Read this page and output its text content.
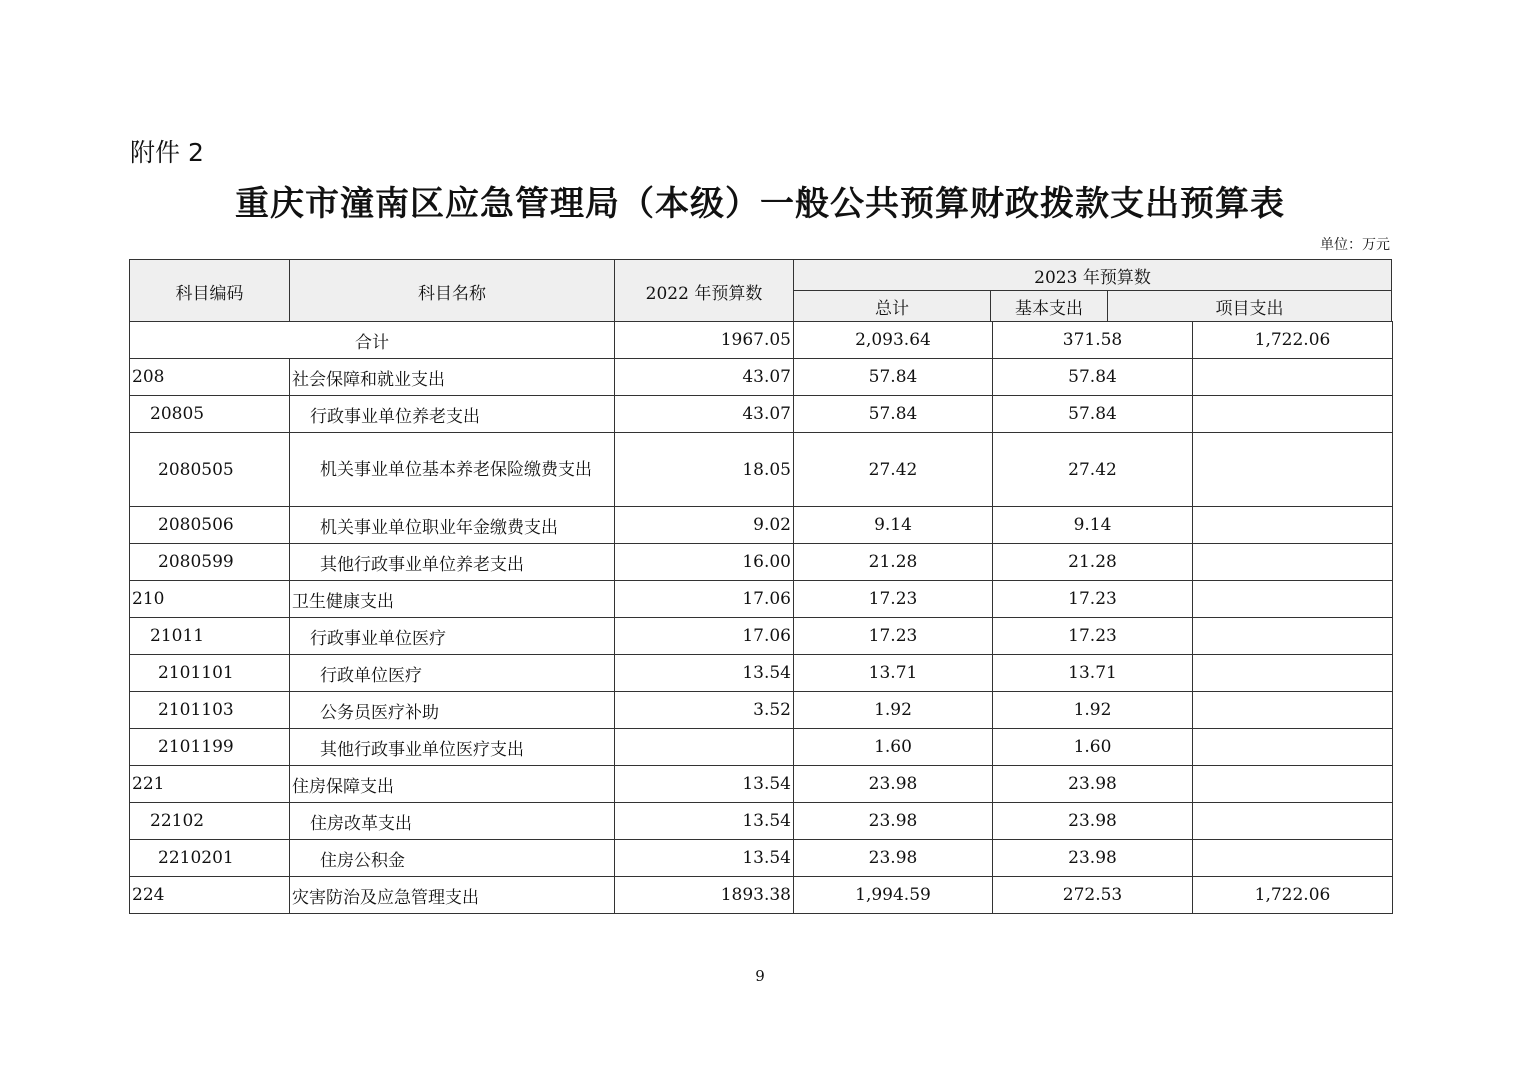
附件 2
重庆市潼南区应急管理局（本级）一般公共预算财政拨款支出预算表
单位：万元
科目编码	科目名称	2022 年预算数
2023 年预算数
总计	基本支出	项目支出
合计		1967.05	2,093.64	371.58	1,722.06
208	社会保障和就业支出	43.07	57.84	57.84	
20805	行政事业单位养老支出	43.07	57.84	57.84	
2080505	机关事业单位基本养老保险缴费支出	18.05	27.42	27.42	
2080506	机关事业单位职业年金缴费支出	9.02	9.14	9.14	
2080599	其他行政事业单位养老支出	16.00	21.28	21.28	
210	卫生健康支出	17.06	17.23	17.23	
21011	行政事业单位医疗	17.06	17.23	17.23	
2101101	行政单位医疗	13.54	13.71	13.71	
2101103	公务员医疗补助	3.52	1.92	1.92	
2101199	其他行政事业单位医疗支出		1.60	1.60	
221	住房保障支出	13.54	23.98	23.98	
22102	住房改革支出	13.54	23.98	23.98	
2210201	住房公积金	13.54	23.98	23.98	
224	灾害防治及应急管理支出	1893.38	1,994.59	272.53	1,722.06
9
